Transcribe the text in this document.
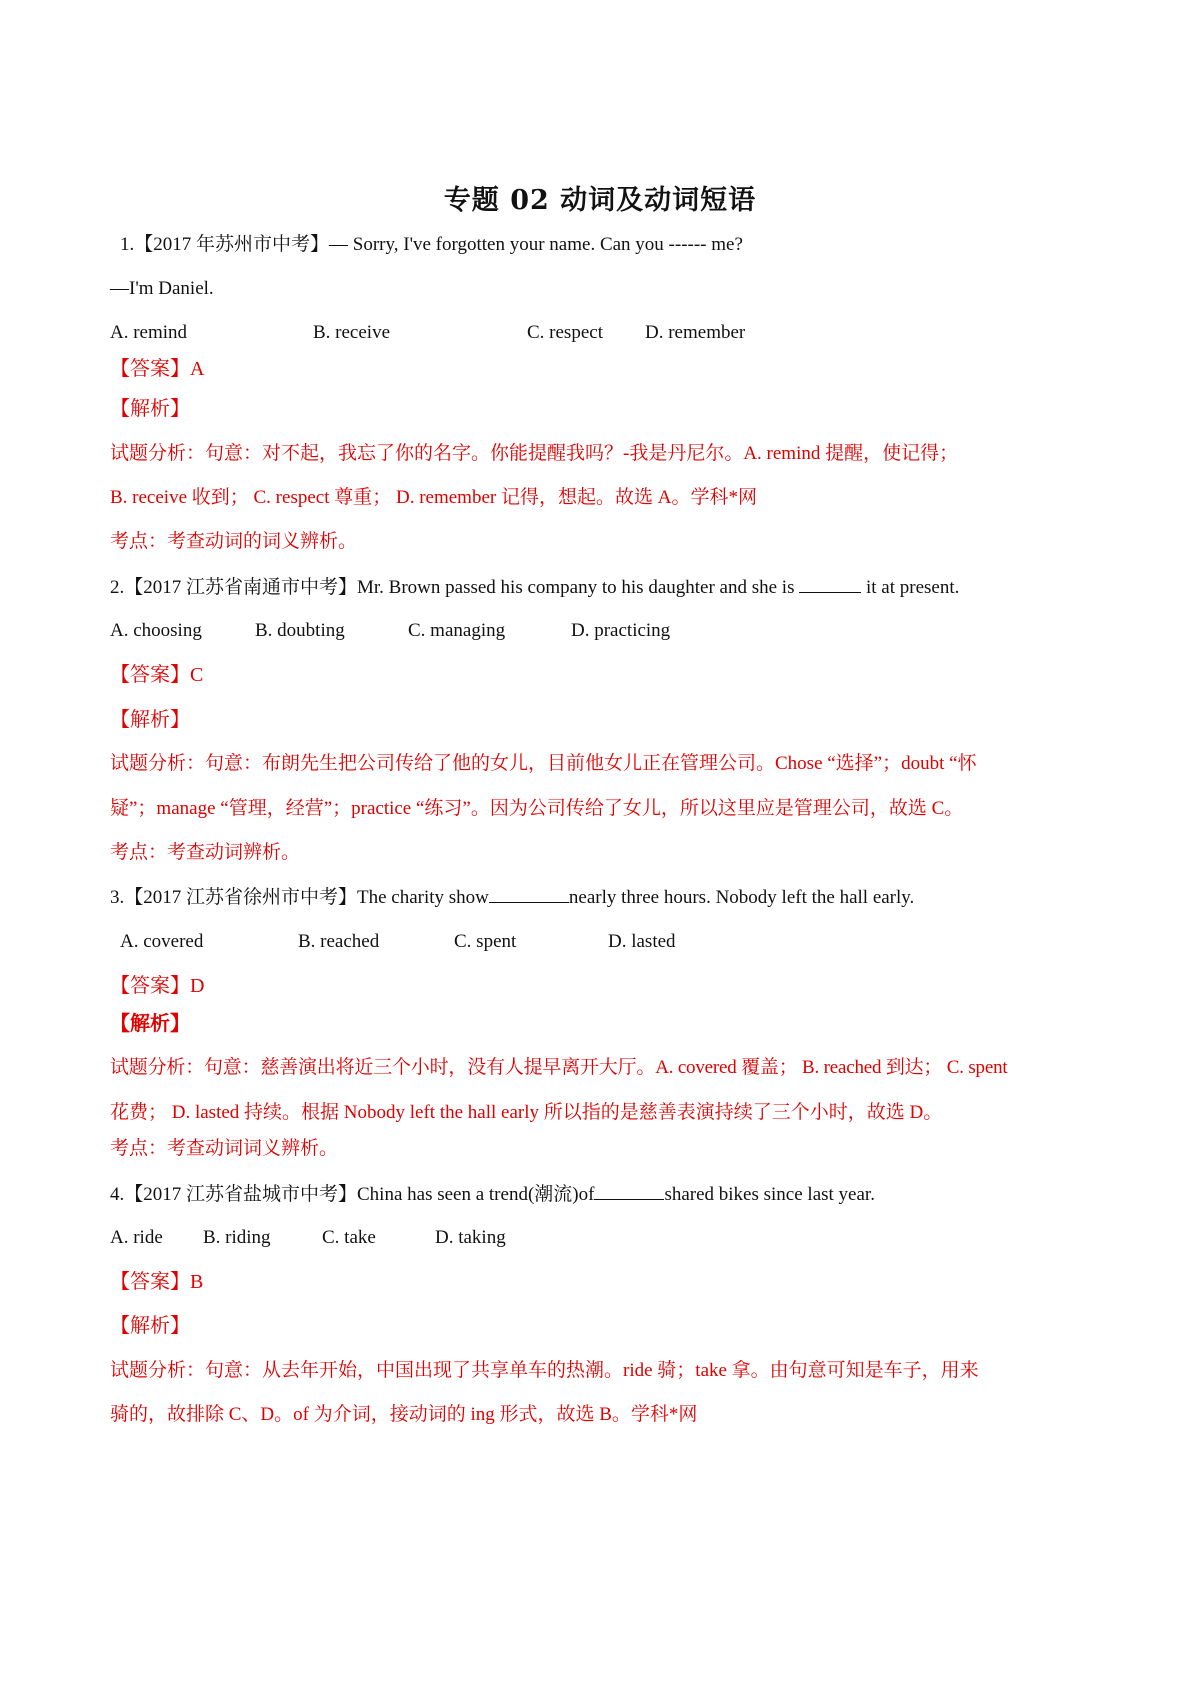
专题 02 动词及动词短语
1.【2017 年苏州市中考】— Sorry, I've forgotten your name. Can you ------ me?
—I'm Daniel.
A. remind	B. receive	C. respect D. remember
【答案】A
【解析】
试题分析：句意：对不起，我忘了你的名字。你能提醒我吗？-我是丹尼尔。A. remind 提醒，使记得；
B. receive 收到； C. respect 尊重； D. remember 记得，想起。故选 A。学科*网
考点：考查动词的词义辨析。
2.【2017 江苏省南通市中考】Mr. Brown passed his company to his daughter and she is	it at present.
A. choosing	B. doubting	C. managing	D. practicing
【答案】C
【解析】
试题分析：句意：布朗先生把公司传给了他的女儿，目前他女儿正在管理公司。Chose “选择”；doubt “怀
疑”；manage “管理，经营”；practice “练习”。因为公司传给了女儿，所以这里应是管理公司，故选 C。
考点：考查动词辨析。
3.【2017 江苏省徐州市中考】The charity show	nearly three hours. Nobody left the hall early.
A. covered	B. reached	C. spent	D. lasted
【答案】D
【解析】
试题分析：句意：慈善演出将近三个小时，没有人提早离开大厅。A. covered 覆盖； B. reached 到达； C. spent
花费； D. lasted 持续。根据 Nobody left the hall early 所以指的是慈善表演持续了三个小时，故选 D。
考点：考查动词词义辨析。
4.【2017 江苏省盐城市中考】China has seen a trend(潮流)of	shared bikes since last year.
A. ride B. riding	C. take	D. taking
【答案】B
【解析】
试题分析：句意：从去年开始，中国出现了共享单车的热潮。ride 骑；take 拿。由句意可知是车子，用来
骑的，故排除 C、D。of 为介词，接动词的 ing 形式，故选 B。学科*网
